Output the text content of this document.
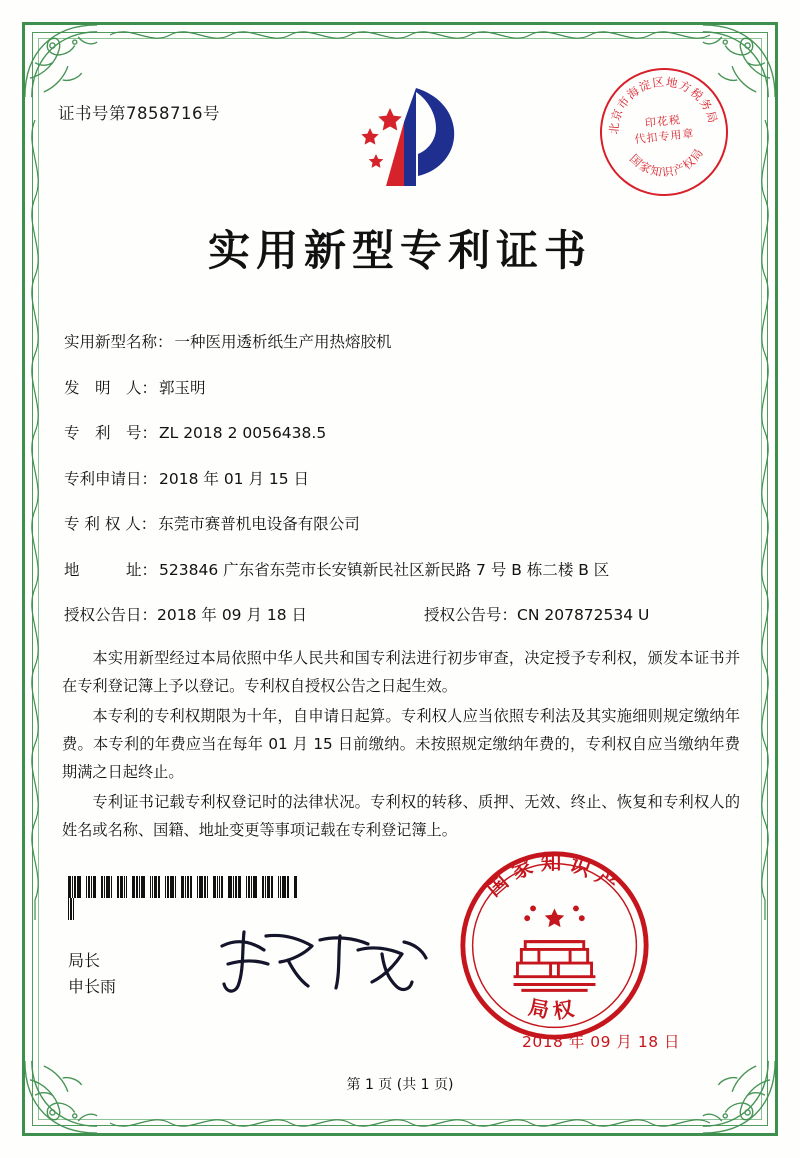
证书号第7858716号
北京市海淀区地方税务局
国家知识产权局
印花税
代扣专用章
实用新型专利证书
实用新型名称： 一种医用透析纸生产用热熔胶机
发　明　人： 郭玉明
专　利　号： ZL 2018 2 0056438.5
专利申请日： 2018 年 01 月 15 日
专 利 权 人： 东莞市赛普机电设备有限公司
地　　　址： 523846 广东省东莞市长安镇新民社区新民路 7 号 B 栋二楼 B 区
授权公告日：2018 年 09 月 18 日	授权公告号：CN 207872534 U

本实用新型经过本局依照中华人民共和国专利法进行初步审查，决定授予专利权，颁发本证书并在专利登记簿上予以登记。专利权自授权公告之日起生效。

本专利的专利权期限为十年，自申请日起算。专利权人应当依照专利法及其实施细则规定缴纳年费。本专利的年费应当在每年 01 月 15 日前缴纳。未按照规定缴纳年费的，专利权自应当缴纳年费期满之日起终止。

专利证书记载专利权登记时的法律状况。专利权的转移、质押、无效、终止、恢复和专利权人的姓名或名称、国籍、地址变更等事项记载在专利登记簿上。

局长
申长雨
国家知识产
局权
2018 年 09 月 18 日
第 1 页 (共 1 页)
